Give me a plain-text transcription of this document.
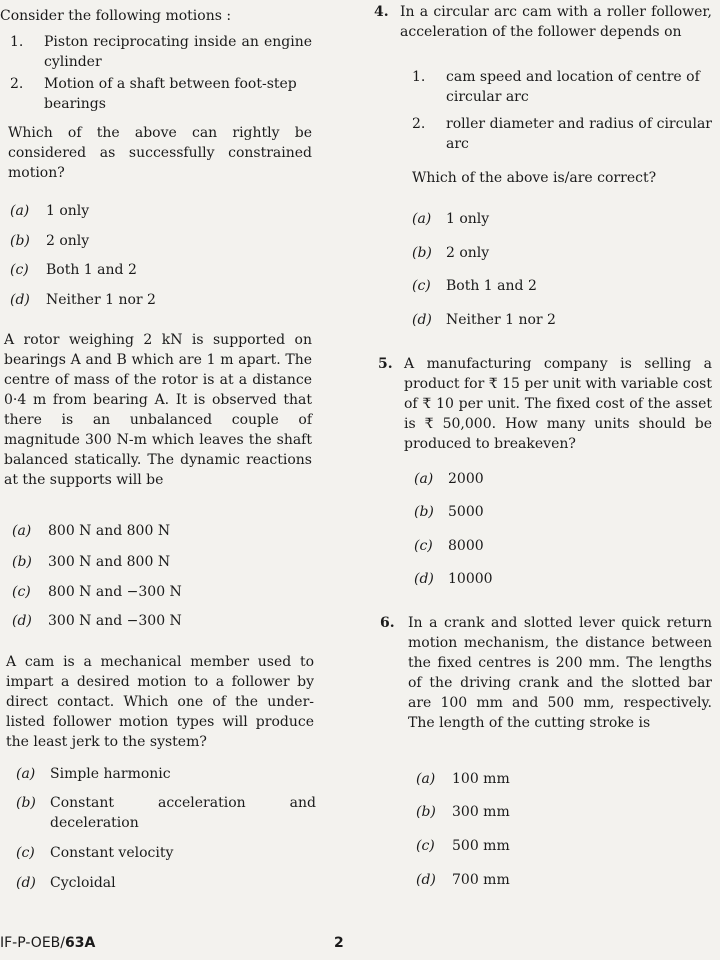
Consider the following motions :
1. Piston reciprocating inside an engine cylinder
2. Motion of a shaft between foot-step bearings
Which of the above can rightly be considered as successfully constrained motion?
(a) 1 only
(b) 2 only
(c) Both 1 and 2
(d) Neither 1 nor 2
A rotor weighing 2 kN is supported on bearings A and B which are 1 m apart. The centre of mass of the rotor is at a distance 0·4 m from bearing A. It is observed that there is an unbalanced couple of magnitude 300 N-m which leaves the shaft balanced statically. The dynamic reactions at the supports will be
(a) 800 N and 800 N
(b) 300 N and 800 N
(c) 800 N and −300 N
(d) 300 N and −300 N
A cam is a mechanical member used to impart a desired motion to a follower by direct contact. Which one of the under-listed follower motion types will produce the least jerk to the system?
(a) Simple harmonic
(b) Constant acceleration and deceleration
(c) Constant velocity
(d) Cycloidal
4. In a circular arc cam with a roller follower, acceleration of the follower depends on
1. cam speed and location of centre of circular arc
2. roller diameter and radius of circular arc
Which of the above is/are correct?
(a) 1 only
(b) 2 only
(c) Both 1 and 2
(d) Neither 1 nor 2
5. A manufacturing company is selling a product for ₹ 15 per unit with variable cost of ₹ 10 per unit. The fixed cost of the asset is ₹ 50,000. How many units should be produced to breakeven?
(a) 2000
(b) 5000
(c) 8000
(d) 10000
6. In a crank and slotted lever quick return motion mechanism, the distance between the fixed centres is 200 mm. The lengths of the driving crank and the slotted bar are 100 mm and 500 mm, respectively. The length of the cutting stroke is
(a) 100 mm
(b) 300 mm
(c) 500 mm
(d) 700 mm
IF-P-OEB/63A	2
